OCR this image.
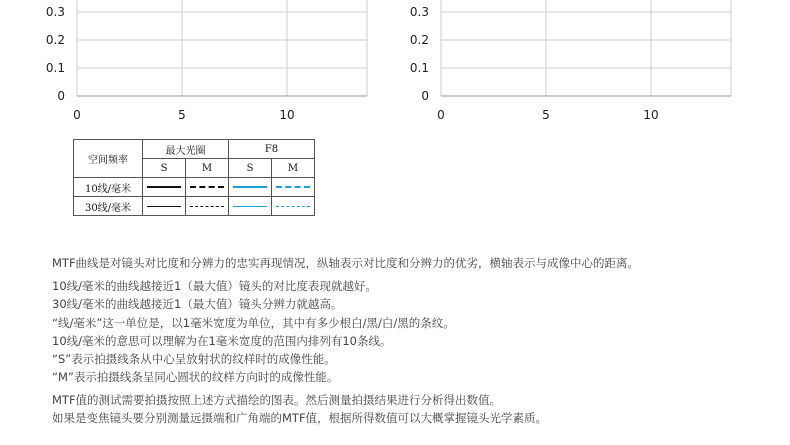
0.3
0.2
0.1
0
0	5	10
0.3
0.2
0.1
0
0	5	10
空间频率	最大光圈		F8	
	S	M	S	M
10线/毫米				
30线/毫米				
MTF曲线是对镜头对比度和分辨力的忠实再现情况，纵轴表示对比度和分辨力的优劣，横轴表示与成像中心的距离。
10线/毫米的曲线越接近1（最大值）镜头的对比度表现就越好。
30线/毫米的曲线越接近1（最大值）镜头分辨力就越高。
“线/毫米”这一单位是，以1毫米宽度为单位，其中有多少根白/黑/白/黑的条纹。
10线/毫米的意思可以理解为在1毫米宽度的范围内排列有10条线。
“S”表示拍摄线条从中心呈放射状的纹样时的成像性能。
“M”表示拍摄线条呈同心圆状的纹样方向时的成像性能。
MTF值的测试需要拍摄按照上述方式描绘的图表。然后测量拍摄结果进行分析得出数值。
如果是变焦镜头要分别测量远摄端和广角端的MTF值，根据所得数值可以大概掌握镜头光学素质。
